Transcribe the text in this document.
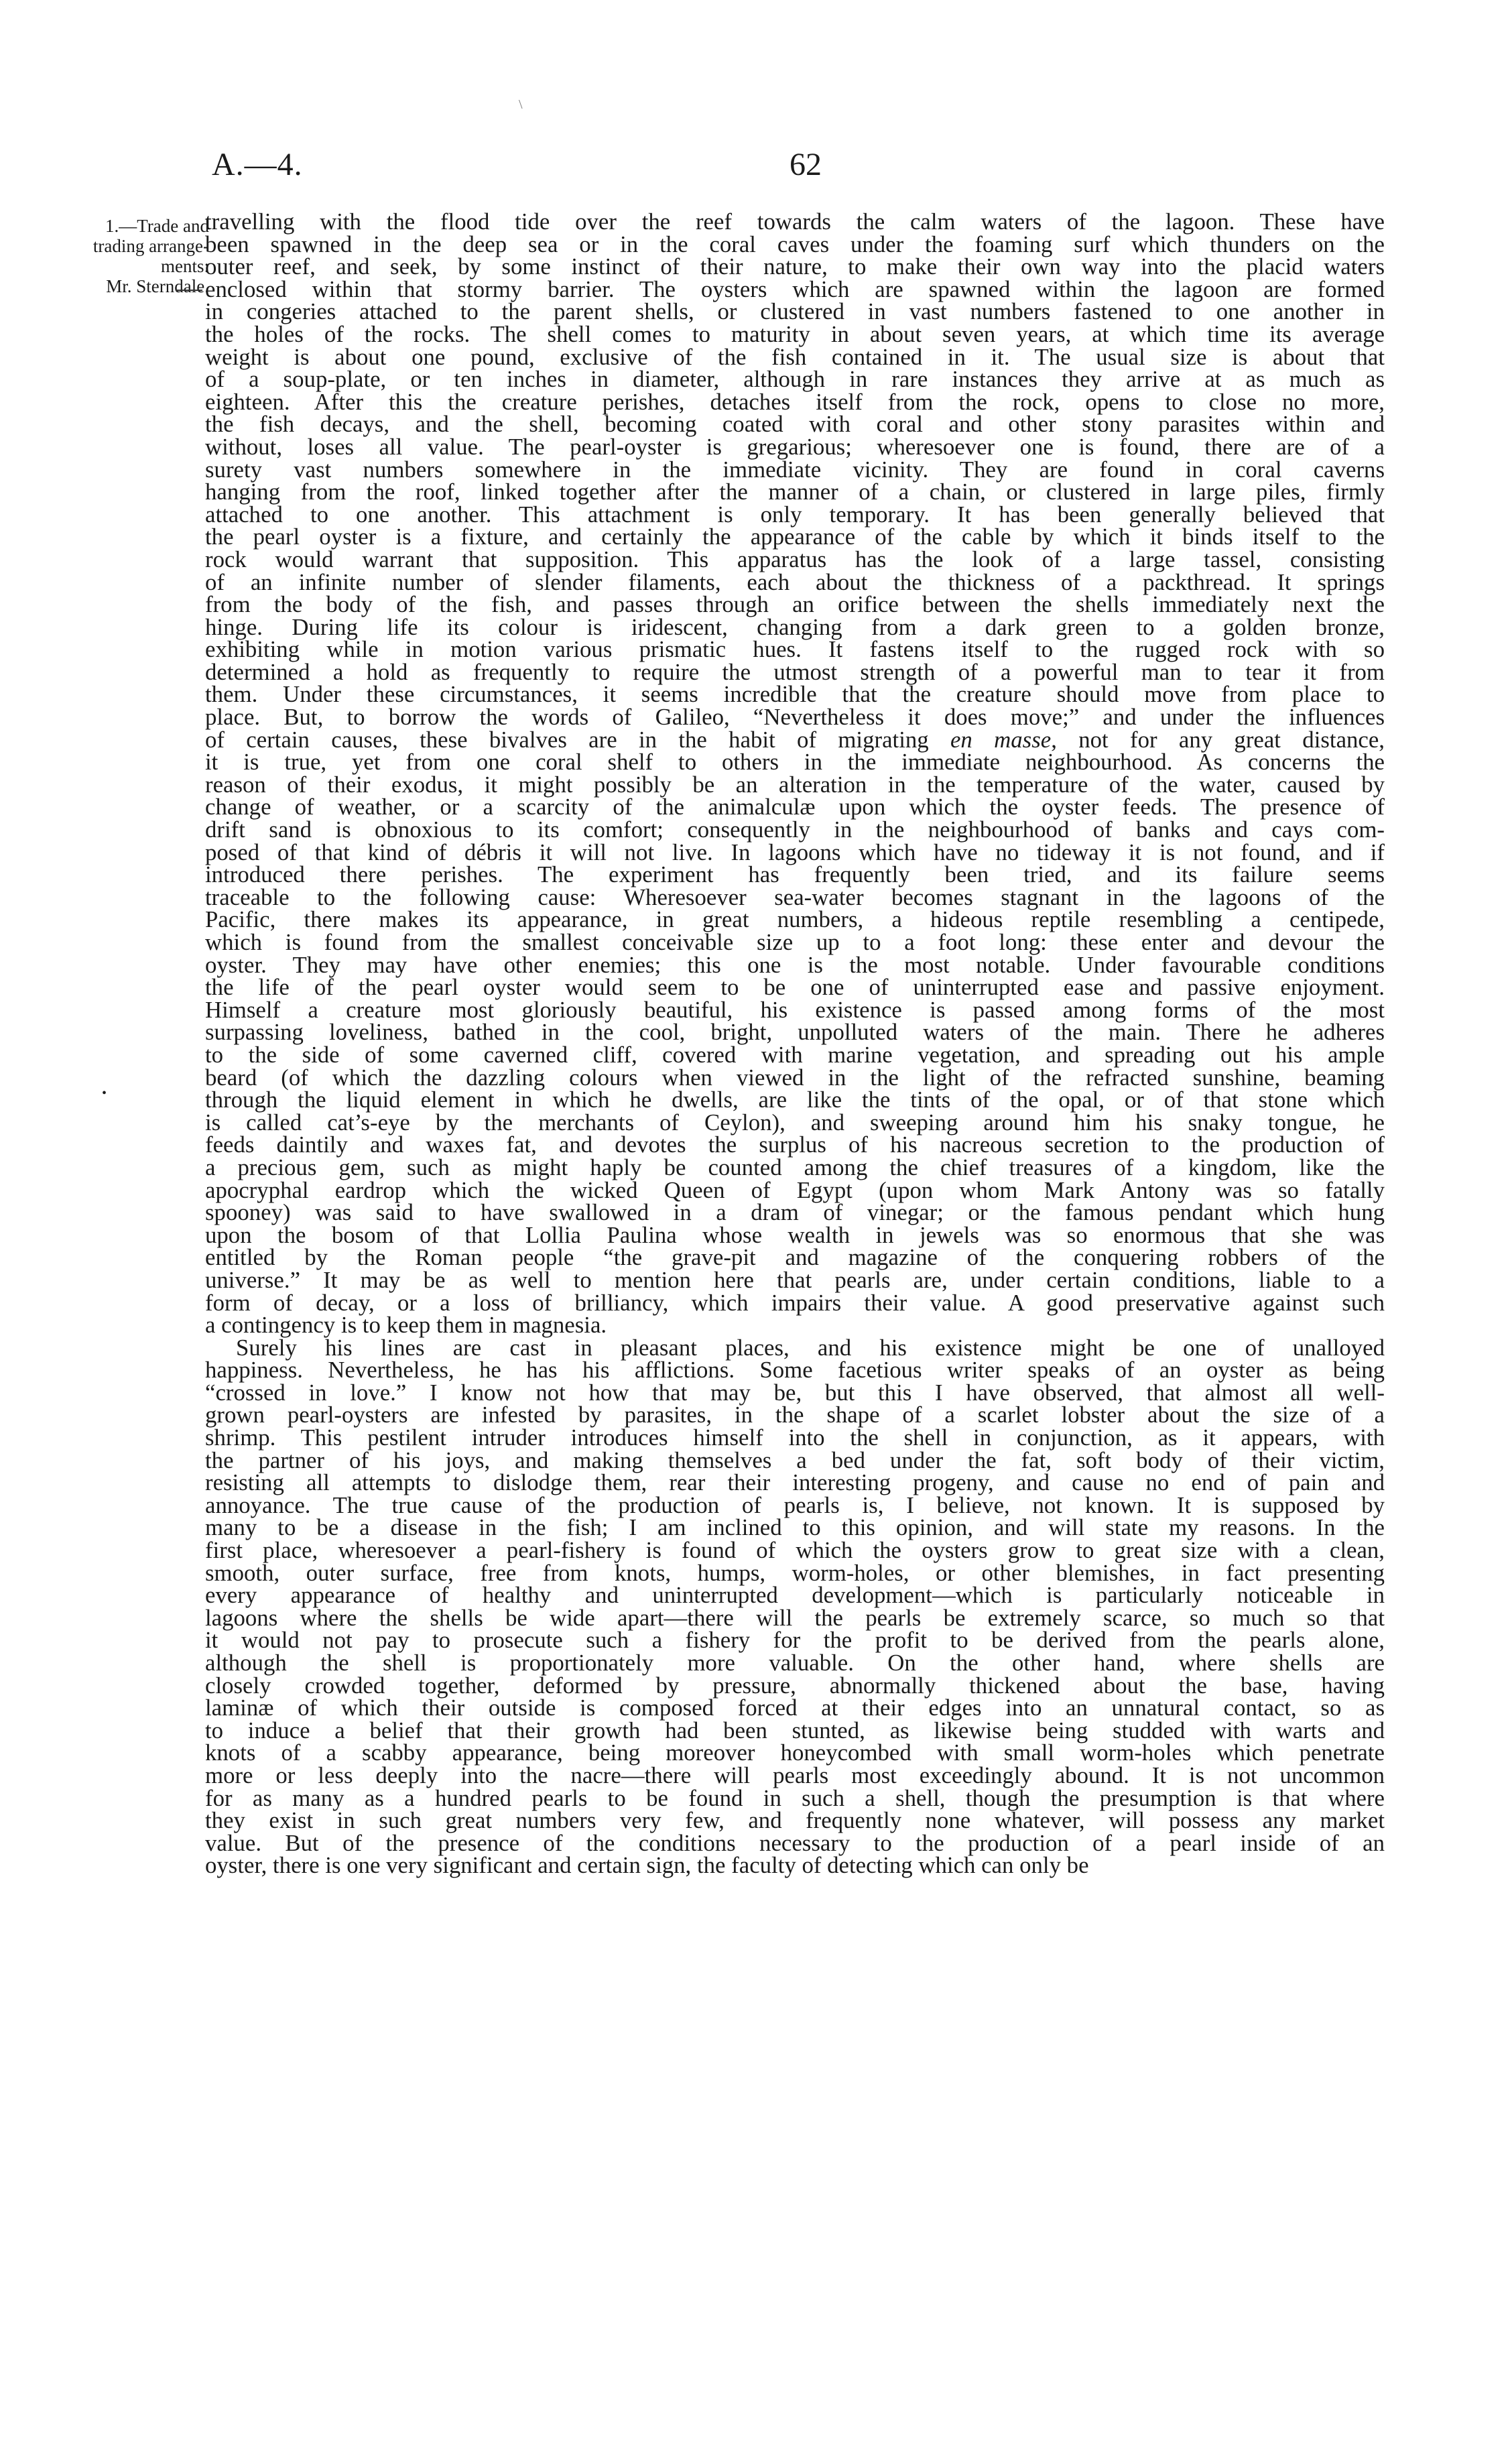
\
A.—4.	62
1.—Trade and
trading arrange-
ments:
Mr. Sterndale.
•

travelling with the flood tide over the reef towards the calm waters of the lagoon. These have

been spawned in the deep sea or in the coral caves under the foaming surf which thunders on the

outer reef, and seek, by some instinct of their nature, to make their own way into the placid waters

enclosed within that stormy barrier. The oysters which are spawned within the lagoon are formed

in congeries attached to the parent shells, or clustered in vast numbers fastened to one another in

the holes of the rocks. The shell comes to maturity in about seven years, at which time its average

weight is about one pound, exclusive of the fish contained in it. The usual size is about that

of a soup-plate, or ten inches in diameter, although in rare instances they arrive at as much as

eighteen. After this the creature perishes, detaches itself from the rock, opens to close no more,

the fish decays, and the shell, becoming coated with coral and other stony parasites within and

without, loses all value. The pearl-oyster is gregarious; wheresoever one is found, there are of a

surety vast numbers somewhere in the immediate vicinity. They are found in coral caverns

hanging from the roof, linked together after the manner of a chain, or clustered in large piles, firmly

attached to one another. This attachment is only temporary. It has been generally believed that

the pearl oyster is a fixture, and certainly the appearance of the cable by which it binds itself to the

rock would warrant that supposition. This apparatus has the look of a large tassel, consisting

of an infinite number of slender filaments, each about the thickness of a packthread. It springs

from the body of the fish, and passes through an orifice between the shells immediately next the

hinge. During life its colour is iridescent, changing from a dark green to a golden bronze,

exhibiting while in motion various prismatic hues. It fastens itself to the rugged rock with so

determined a hold as frequently to require the utmost strength of a powerful man to tear it from

them. Under these circumstances, it seems incredible that the creature should move from place to

place. But, to borrow the words of Galileo, “Nevertheless it does move;” and under the influences

of certain causes, these bivalves are in the habit of migrating en masse, not for any great distance,

it is true, yet from one coral shelf to others in the immediate neighbourhood. As concerns the

reason of their exodus, it might possibly be an alteration in the temperature of the water, caused by

change of weather, or a scarcity of the animalculæ upon which the oyster feeds. The presence of

drift sand is obnoxious to its comfort; consequently in the neighbourhood of banks and cays com-

posed of that kind of débris it will not live. In lagoons which have no tideway it is not found, and if

introduced there perishes. The experiment has frequently been tried, and its failure seems

traceable to the following cause: Wheresoever sea-water becomes stagnant in the lagoons of the

Pacific, there makes its appearance, in great numbers, a hideous reptile resembling a centipede,

which is found from the smallest conceivable size up to a foot long: these enter and devour the

oyster. They may have other enemies; this one is the most notable. Under favourable conditions

the life of the pearl oyster would seem to be one of uninterrupted ease and passive enjoyment.

Himself a creature most gloriously beautiful, his existence is passed among forms of the most

surpassing loveliness, bathed in the cool, bright, unpolluted waters of the main. There he adheres

to the side of some caverned cliff, covered with marine vegetation, and spreading out his ample

beard (of which the dazzling colours when viewed in the light of the refracted sunshine, beaming

through the liquid element in which he dwells, are like the tints of the opal, or of that stone which

is called cat’s-eye by the merchants of Ceylon), and sweeping around him his snaky tongue, he

feeds daintily and waxes fat, and devotes the surplus of his nacreous secretion to the production of

a precious gem, such as might haply be counted among the chief treasures of a kingdom, like the

apocryphal eardrop which the wicked Queen of Egypt (upon whom Mark Antony was so fatally

spooney) was said to have swallowed in a dram of vinegar; or the famous pendant which hung

upon the bosom of that Lollia Paulina whose wealth in jewels was so enormous that she was

entitled by the Roman people “the grave-pit and magazine of the conquering robbers of the

universe.” It may be as well to mention here that pearls are, under certain conditions, liable to a

form of decay, or a loss of brilliancy, which impairs their value. A good preservative against such

a contingency is to keep them in magnesia.

Surely his lines are cast in pleasant places, and his existence might be one of unalloyed

happiness. Nevertheless, he has his afflictions. Some facetious writer speaks of an oyster as being

“crossed in love.” I know not how that may be, but this I have observed, that almost all well-

grown pearl-oysters are infested by parasites, in the shape of a scarlet lobster about the size of a

shrimp. This pestilent intruder introduces himself into the shell in conjunction, as it appears, with

the partner of his joys, and making themselves a bed under the fat, soft body of their victim,

resisting all attempts to dislodge them, rear their interesting progeny, and cause no end of pain and

annoyance. The true cause of the production of pearls is, I believe, not known. It is supposed by

many to be a disease in the fish; I am inclined to this opinion, and will state my reasons. In the

first place, wheresoever a pearl-fishery is found of which the oysters grow to great size with a clean,

smooth, outer surface, free from knots, humps, worm-holes, or other blemishes, in fact presenting

every appearance of healthy and uninterrupted development—which is particularly noticeable in

lagoons where the shells be wide apart—there will the pearls be extremely scarce, so much so that

it would not pay to prosecute such a fishery for the profit to be derived from the pearls alone,

although the shell is proportionately more valuable. On the other hand, where shells are

closely crowded together, deformed by pressure, abnormally thickened about the base, having

laminæ of which their outside is composed forced at their edges into an unnatural contact, so as

to induce a belief that their growth had been stunted, as likewise being studded with warts and

knots of a scabby appearance, being moreover honeycombed with small worm-holes which penetrate

more or less deeply into the nacre—there will pearls most exceedingly abound. It is not uncommon

for as many as a hundred pearls to be found in such a shell, though the presumption is that where

they exist in such great numbers very few, and frequently none whatever, will possess any market

value. But of the presence of the conditions necessary to the production of a pearl inside of an

oyster, there is one very significant and certain sign, the faculty of detecting which can only be
